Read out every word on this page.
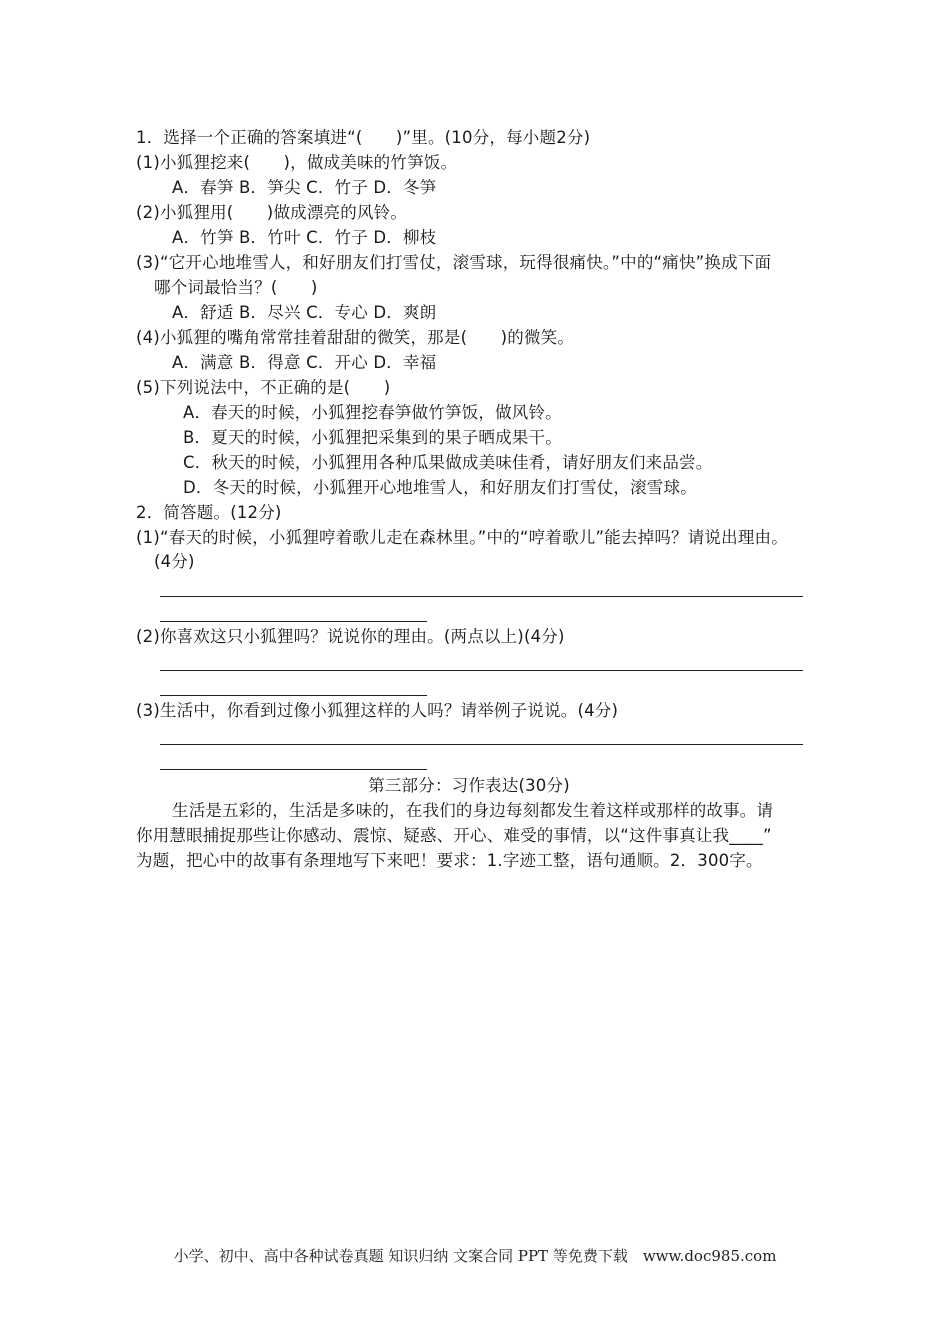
1．选择一个正确的答案填进“(　　)”里。(10分，每小题2分)
(1)小狐狸挖来(　　)，做成美味的竹笋饭。
A．春笋 B．笋尖 C．竹子 D．冬笋
(2)小狐狸用(　　)做成漂亮的风铃。
A．竹笋 B．竹叶 C．竹子 D．柳枝
(3)“它开心地堆雪人，和好朋友们打雪仗，滚雪球，玩得很痛快。”中的“痛快”换成下面
哪个词最恰当？(　　)
A．舒适 B．尽兴 C．专心 D．爽朗
(4)小狐狸的嘴角常常挂着甜甜的微笑，那是(　　)的微笑。
A．满意 B．得意 C．开心 D．幸福
(5)下列说法中，不正确的是(　　)
A．春天的时候，小狐狸挖春笋做竹笋饭，做风铃。
B．夏天的时候，小狐狸把采集到的果子晒成果干。
C．秋天的时候，小狐狸用各种瓜果做成美味佳肴，请好朋友们来品尝。
D．冬天的时候，小狐狸开心地堆雪人，和好朋友们打雪仗，滚雪球。
2．简答题。(12分)
(1)“春天的时候，小狐狸哼着歌儿走在森林里。”中的“哼着歌儿”能去掉吗？请说出理由。
(4分)
(2)你喜欢这只小狐狸吗？说说你的理由。(两点以上)(4分)
(3)生活中，你看到过像小狐狸这样的人吗？请举例子说说。(4分)
第三部分：习作表达(30分)
生活是五彩的，生活是多味的，在我们的身边每刻都发生着这样或那样的故事。请
你用慧眼捕捉那些让你感动、震惊、疑惑、开心、难受的事情，以“这件事真让我____”
为题，把心中的故事有条理地写下来吧！要求：1.字迹工整，语句通顺。2．300字。
小学、初中、高中各种试卷真题 知识归纳 文案合同 PPT 等免费下载　www.doc985.com
